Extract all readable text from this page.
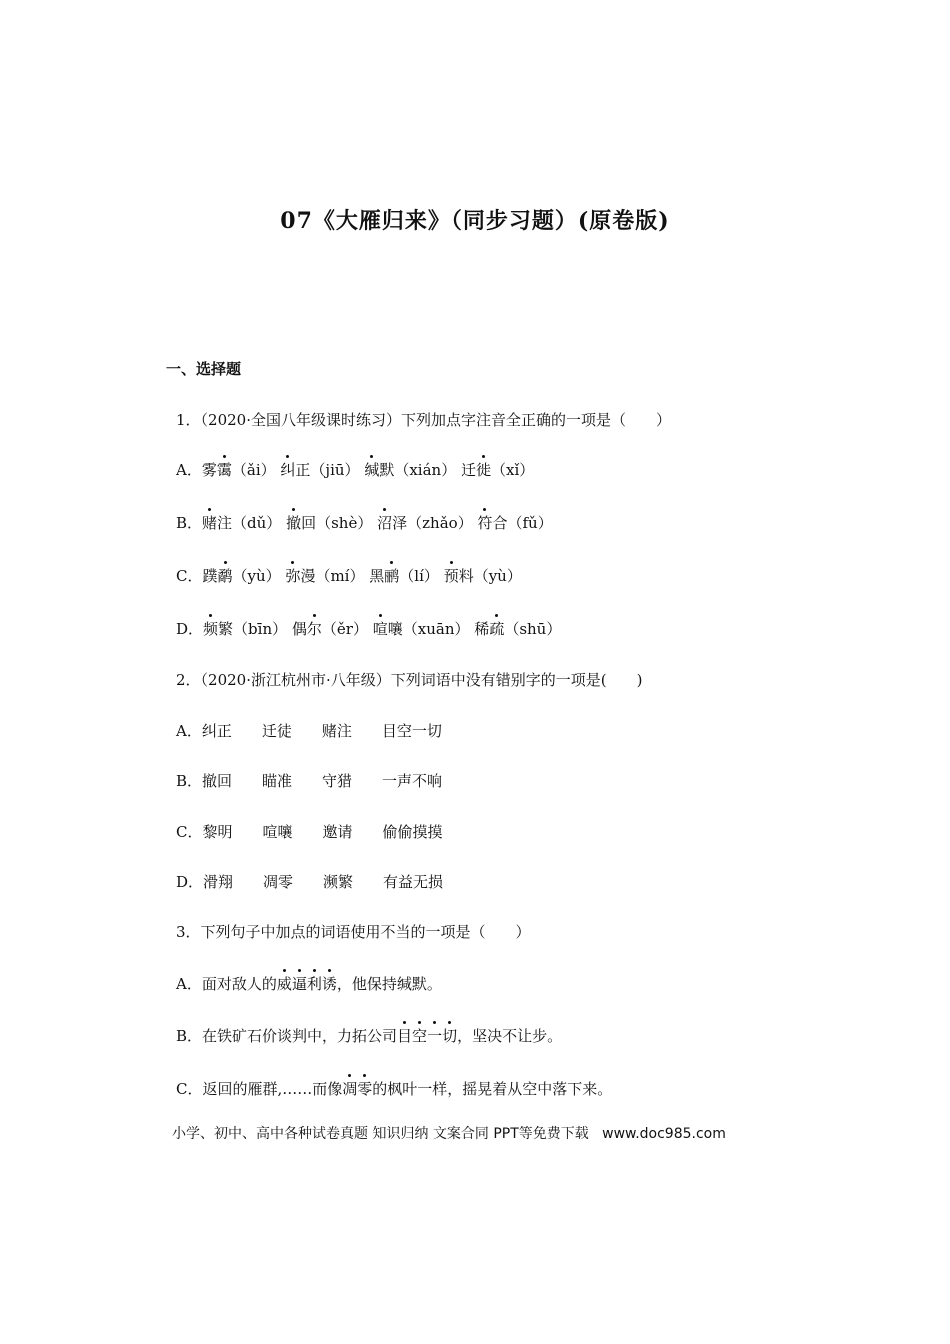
07《大雁归来》（同步习题）(原卷版)
一、选择题
1．（2020·全国八年级课时练习）下列加点字注音全正确的一项是（　　）
A．雾霭（ǎi） 纠正（jiū） 缄默（xián） 迁徙（xǐ）
B．赌注（dǔ） 撤回（shè） 沼泽（zhǎo） 符合（fǔ）
C．蹼鹬（yù） 弥漫（mí） 黑鹂（lí） 预料（yù）
D．频繁（bīn） 偶尔（ěr） 喧嚷（xuān） 稀疏（shū）
2．（2020·浙江杭州市·八年级）下列词语中没有错别字的一项是(　　)
A．纠正　　迁徒　　赌注　　目空一切
B．撤回　　瞄准　　守猎　　一声不响
C．黎明　　喧嚷　　邀请　　偷偷摸摸
D．滑翔　　凋零　　濒繁　　有益无损
3．下列句子中加点的词语使用不当的一项是（　　）
A．面对敌人的威逼利诱，他保持缄默。
B．在铁矿石价谈判中，力拓公司目空一切，坚决不让步。
C．返回的雁群,……而像凋零的枫叶一样，摇晃着从空中落下来。
小学、初中、高中各种试卷真题 知识归纳 文案合同 PPT等免费下载   www.doc985.com
